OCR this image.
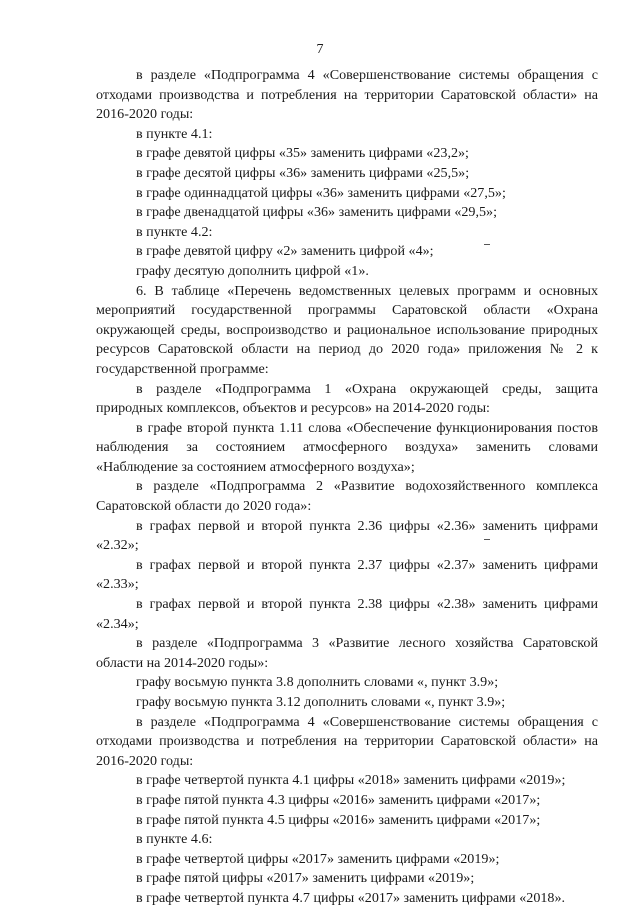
7

в разделе «Подпрограмма 4 «Совершенствование системы обращения с отходами производства и потребления на территории Саратовской области» на 2016-2020 годы:

в пункте 4.1:

в графе девятой цифры «35» заменить цифрами «23,2»;

в графе десятой цифры «36» заменить цифрами «25,5»;

в графе одиннадцатой цифры «36» заменить цифрами «27,5»;

в графе двенадцатой цифры «36» заменить цифрами «29,5»;

в пункте 4.2:

в графе девятой цифру «2» заменить цифрой «4»;

графу десятую дополнить цифрой «1».

6. В таблице «Перечень ведомственных целевых программ и основных мероприятий государственной программы Саратовской области «Охрана окружающей среды, воспроизводство и рациональное использование природных ресурсов Саратовской области на период до 2020 года» приложения № 2 к государственной программе:

в разделе «Подпрограмма 1 «Охрана окружающей среды, защита природных комплексов, объектов и ресурсов» на 2014-2020 годы:

в графе второй пункта 1.11 слова «Обеспечение функционирования постов наблюдения за состоянием атмосферного воздуха» заменить словами «Наблюдение за состоянием атмосферного воздуха»;

в разделе «Подпрограмма 2 «Развитие водохозяйственного комплекса Саратовской области до 2020 года»:

в графах первой и второй пункта 2.36 цифры «2.36» заменить цифрами «2.32»;

в графах первой и второй пункта 2.37 цифры «2.37» заменить цифрами «2.33»;

в графах первой и второй пункта 2.38 цифры «2.38» заменить цифрами «2.34»;

в разделе «Подпрограмма 3 «Развитие лесного хозяйства Саратовской области на 2014-2020 годы»:

графу восьмую пункта 3.8 дополнить словами «, пункт 3.9»;

графу восьмую пункта 3.12 дополнить словами «, пункт 3.9»;

в разделе «Подпрограмма 4 «Совершенствование системы обращения с отходами производства и потребления на территории Саратовской области» на 2016-2020 годы:

в графе четвертой пункта 4.1 цифры «2018» заменить цифрами «2019»;

в графе пятой пункта 4.3 цифры «2016» заменить цифрами «2017»;

в графе пятой пункта 4.5 цифры «2016» заменить цифрами «2017»;

в пункте 4.6:

в графе четвертой цифры «2017» заменить цифрами «2019»;

в графе пятой цифры «2017» заменить цифрами «2019»;

в графе четвертой пункта 4.7 цифры «2017» заменить цифрами «2018».
